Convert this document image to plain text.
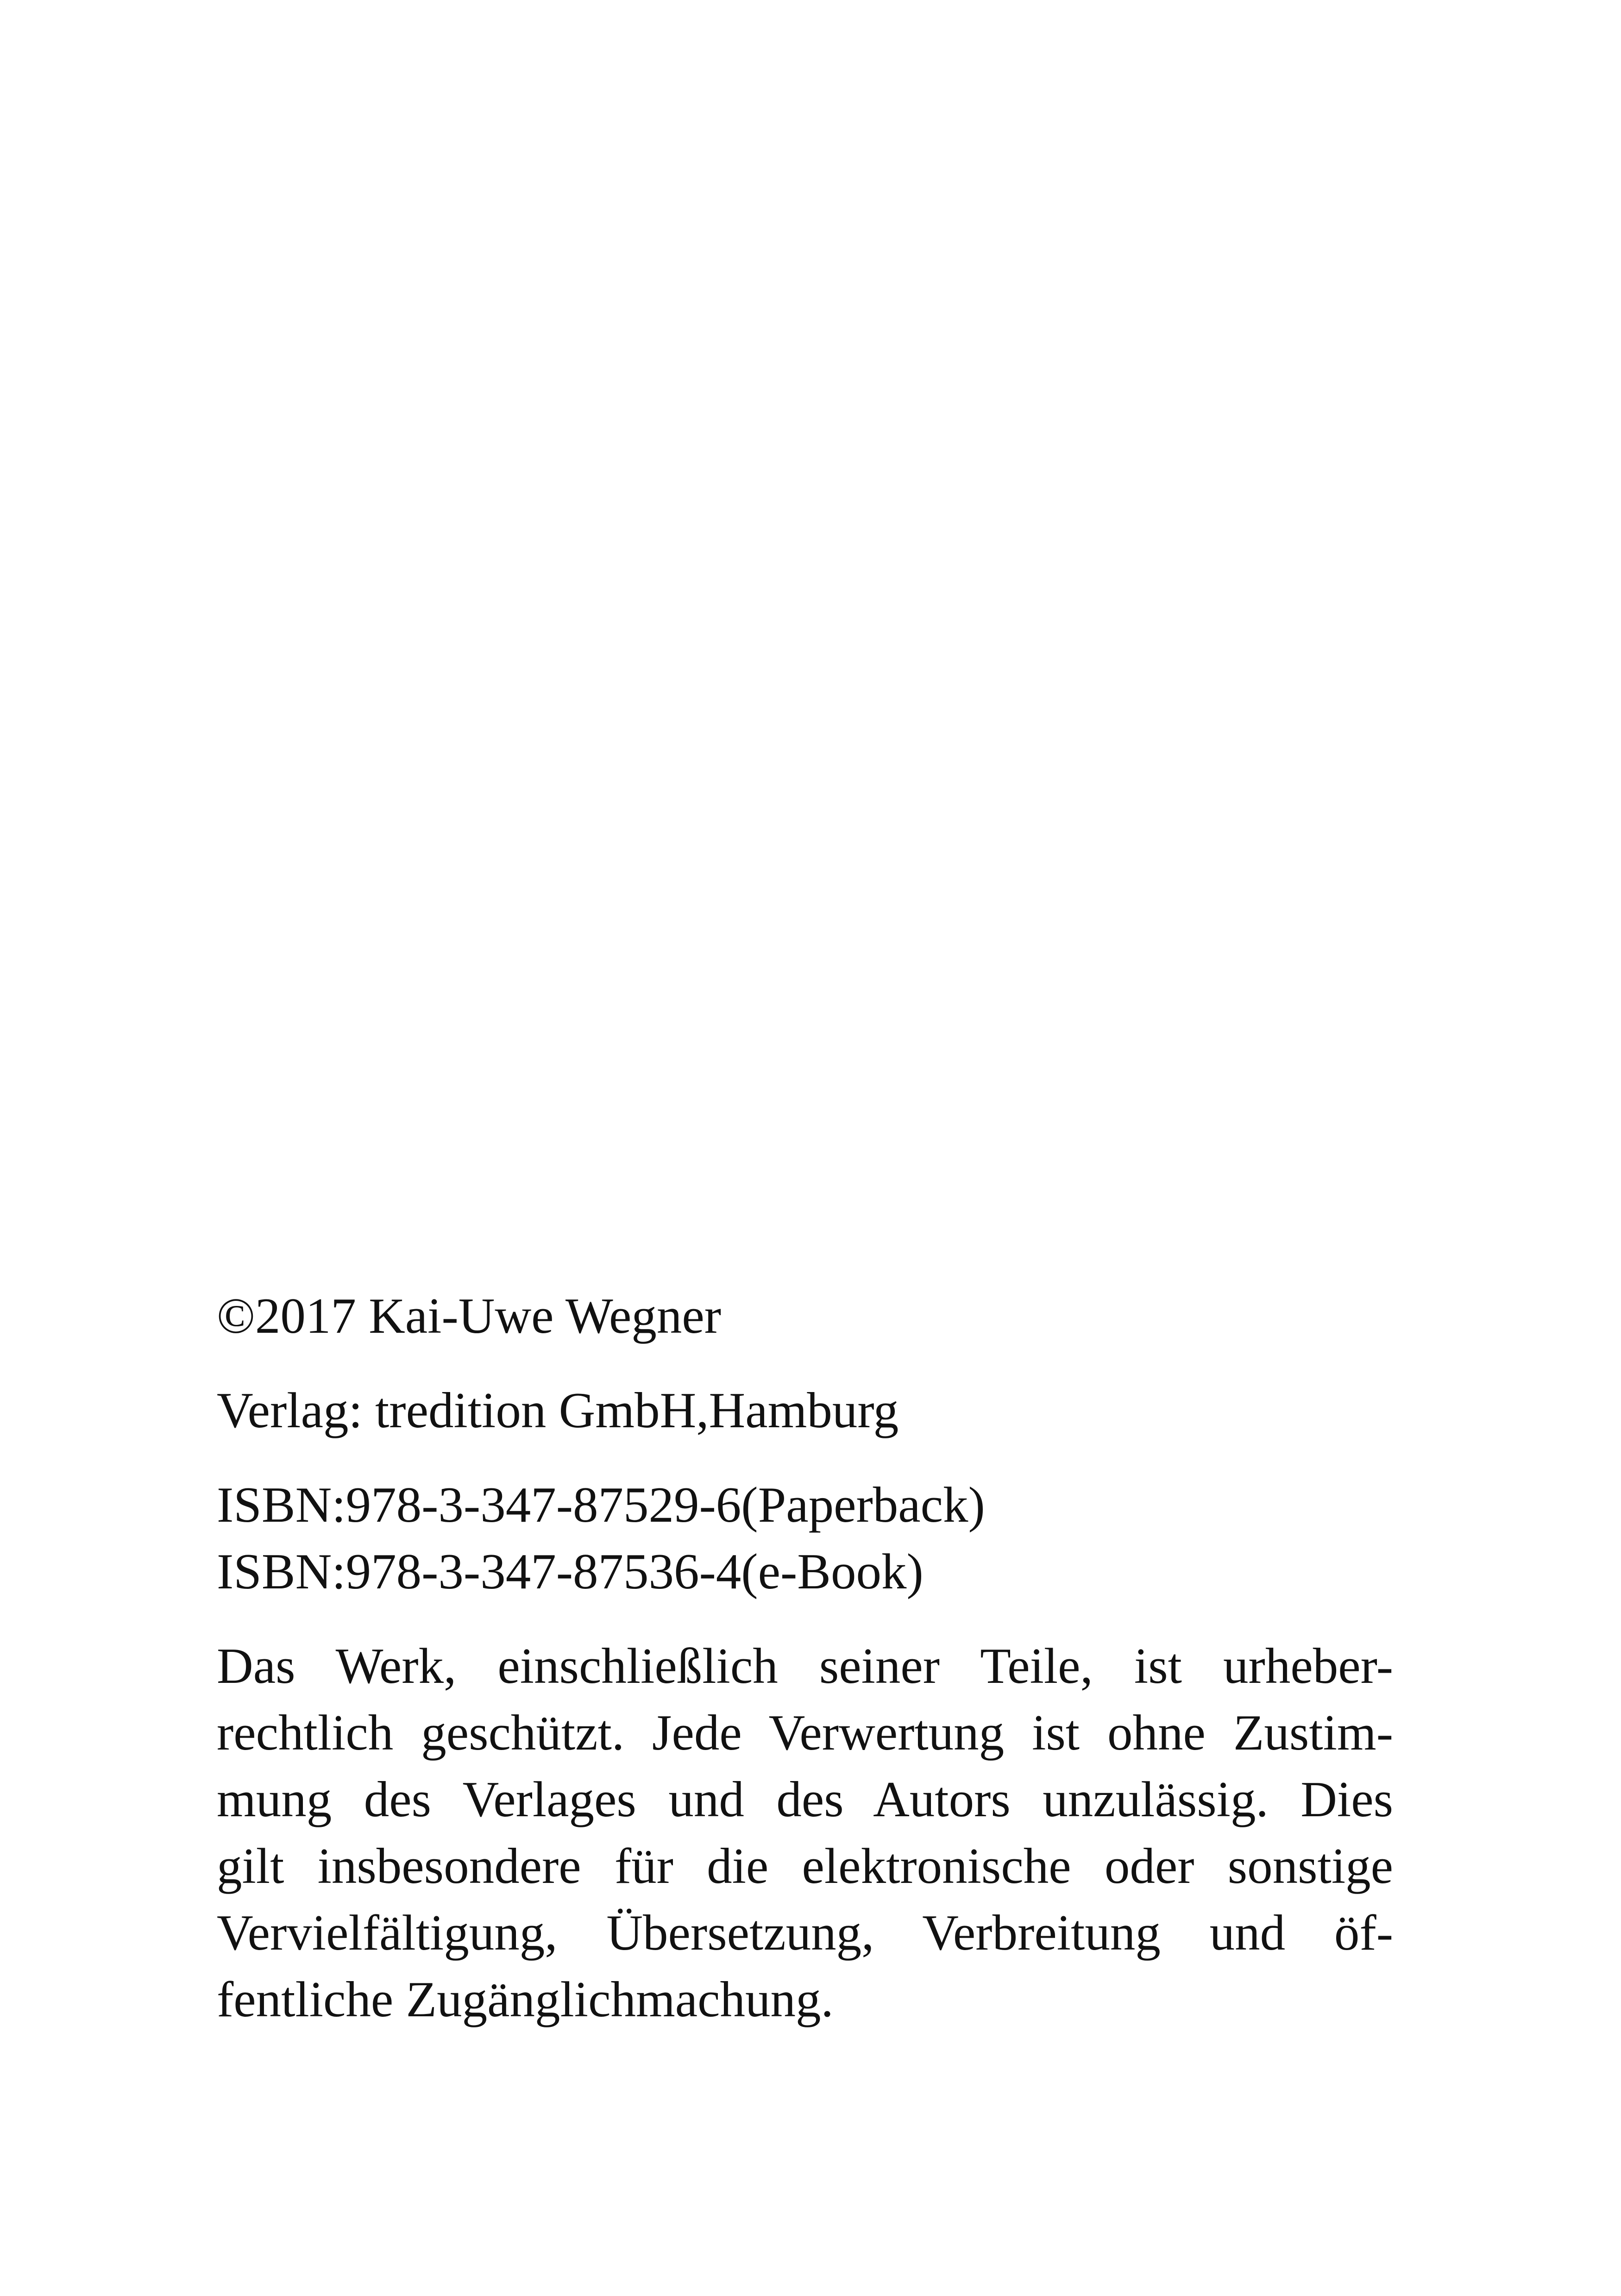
©2017 Kai-Uwe Wegner

Verlag: tredition GmbH,Hamburg

ISBN:978-3-347-87529-6(Paperback)

ISBN:978-3-347-87536-4(e-Book)

Das Werk, einschließlich seiner Teile, ist urheber-
rechtlich geschützt. Jede Verwertung ist ohne Zustim-
mung des Verlages und des Autors unzulässig. Dies
gilt insbesondere für die elektronische oder sonstige
Vervielfältigung, Übersetzung, Verbreitung und öf-
fentliche Zugänglichmachung.
